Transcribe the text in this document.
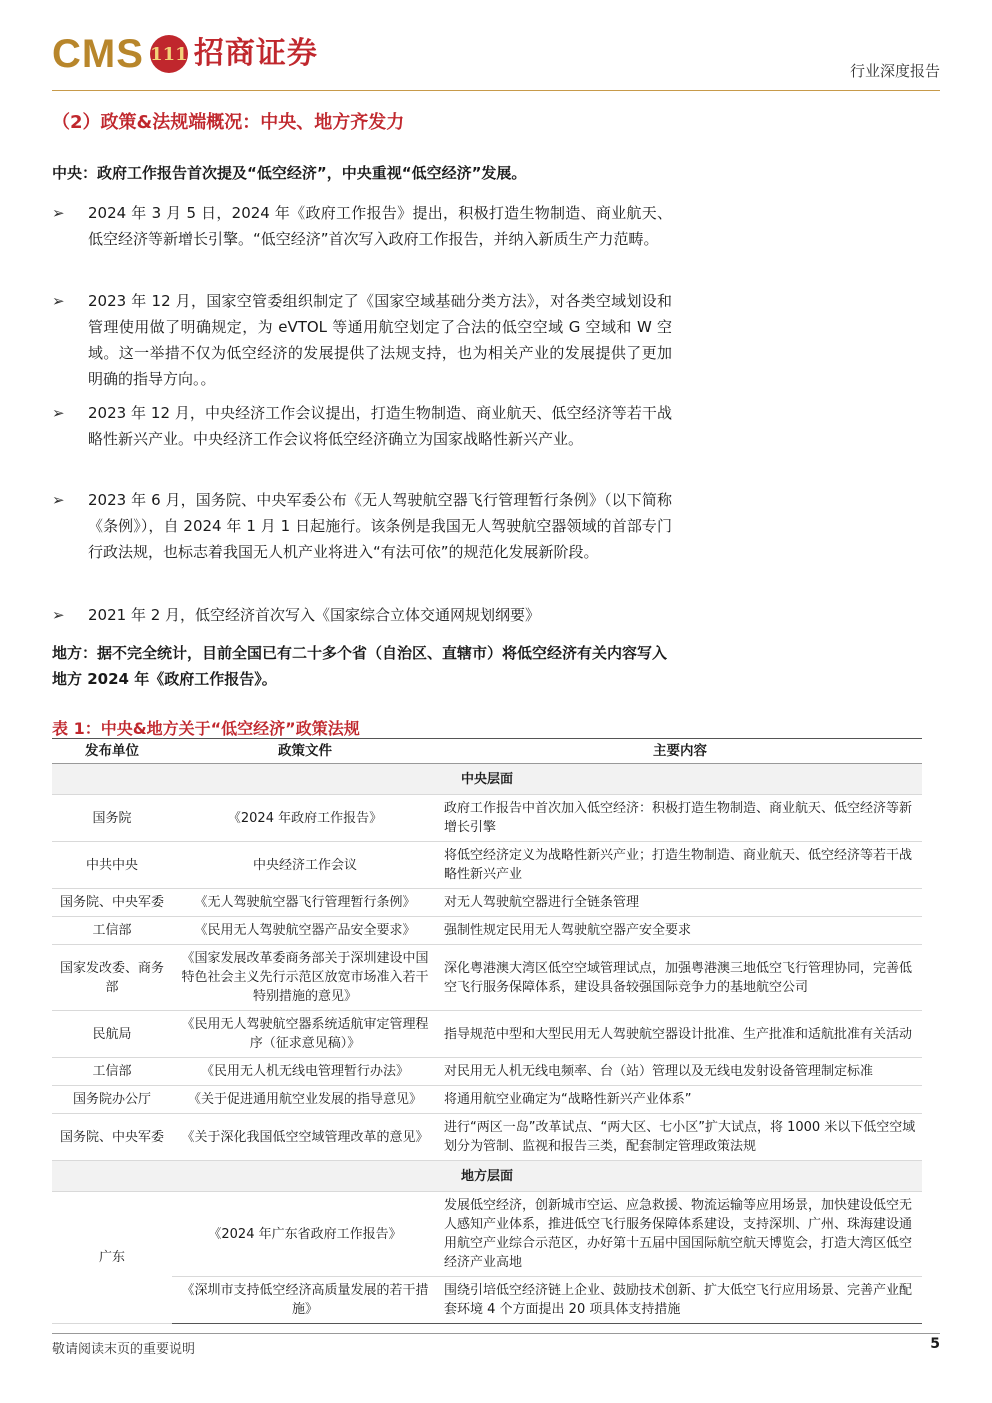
CMS 111 招商证券	行业深度报告
（2）政策&法规端概况：中央、地方齐发力
中央：政府工作报告首次提及“低空经济”，中央重视“低空经济”发展。
➢	2024 年 3 月 5 日，2024 年《政府工作报告》提出，积极打造生物制造、商业航天、低空经济等新增长引擎。“低空经济”首次写入政府工作报告，并纳入新质生产力范畴。
➢	2023 年 12 月，国家空管委组织制定了《国家空域基础分类方法》，对各类空域划设和管理使用做了明确规定，为 eVTOL 等通用航空划定了合法的低空空域 G 空域和 W 空域。这一举措不仅为低空经济的发展提供了法规支持，也为相关产业的发展提供了更加明确的指导方向。。
➢	2023 年 12 月，中央经济工作会议提出，打造生物制造、商业航天、低空经济等若干战略性新兴产业。中央经济工作会议将低空经济确立为国家战略性新兴产业。
➢	2023 年 6 月，国务院、中央军委公布《无人驾驶航空器飞行管理暂行条例》（以下简称《条例》），自 2024 年 1 月 1 日起施行。该条例是我国无人驾驶航空器领域的首部专门行政法规，也标志着我国无人机产业将进入“有法可依”的规范化发展新阶段。
➢	2021 年 2 月，低空经济首次写入《国家综合立体交通网规划纲要》
地方：据不完全统计，目前全国已有二十多个省（自治区、直辖市）将低空经济有关内容写入地方 2024 年《政府工作报告》。
表 1：中央&地方关于“低空经济”政策法规
发布单位	政策文件	主要内容
中央层面		
国务院	《2024 年政府工作报告》	政府工作报告中首次加入低空经济：积极打造生物制造、商业航天、低空经济等新增长引擎
中共中央	中央经济工作会议	将低空经济定义为战略性新兴产业；打造生物制造、商业航天、低空经济等若干战略性新兴产业
国务院、中央军委	《无人驾驶航空器飞行管理暂行条例》	对无人驾驶航空器进行全链条管理
工信部	《民用无人驾驶航空器产品安全要求》	强制性规定民用无人驾驶航空器产安全要求
国家发改委、商务部	《国家发展改革委商务部关于深圳建设中国特色社会主义先行示范区放宽市场准入若干特别措施的意见》	深化粤港澳大湾区低空空域管理试点，加强粤港澳三地低空飞行管理协同，完善低空飞行服务保障体系，建设具备较强国际竞争力的基地航空公司
民航局	《民用无人驾驶航空器系统适航审定管理程序（征求意见稿）》	指导规范中型和大型民用无人驾驶航空器设计批准、生产批准和适航批准有关活动
工信部	《民用无人机无线电管理暂行办法》	对民用无人机无线电频率、台（站）管理以及无线电发射设备管理制定标准
国务院办公厅	《关于促进通用航空业发展的指导意见》	将通用航空业确定为“战略性新兴产业体系”
国务院、中央军委	《关于深化我国低空空域管理改革的意见》	进行“两区一岛”改革试点、“两大区、七小区”扩大试点，将 1000 米以下低空空域划分为管制、监视和报告三类，配套制定管理政策法规
地方层面		
广东	《2024 年广东省政府工作报告》	发展低空经济，创新城市空运、应急救援、物流运输等应用场景，加快建设低空无人感知产业体系，推进低空飞行服务保障体系建设，支持深圳、广州、珠海建设通用航空产业综合示范区，办好第十五届中国国际航空航天博览会，打造大湾区低空经济产业高地
	《深圳市支持低空经济高质量发展的若干措施》	围绕引培低空经济链上企业、鼓励技术创新、扩大低空飞行应用场景、完善产业配套环境 4 个方面提出 20 项具体支持措施
敬请阅读末页的重要说明	5
